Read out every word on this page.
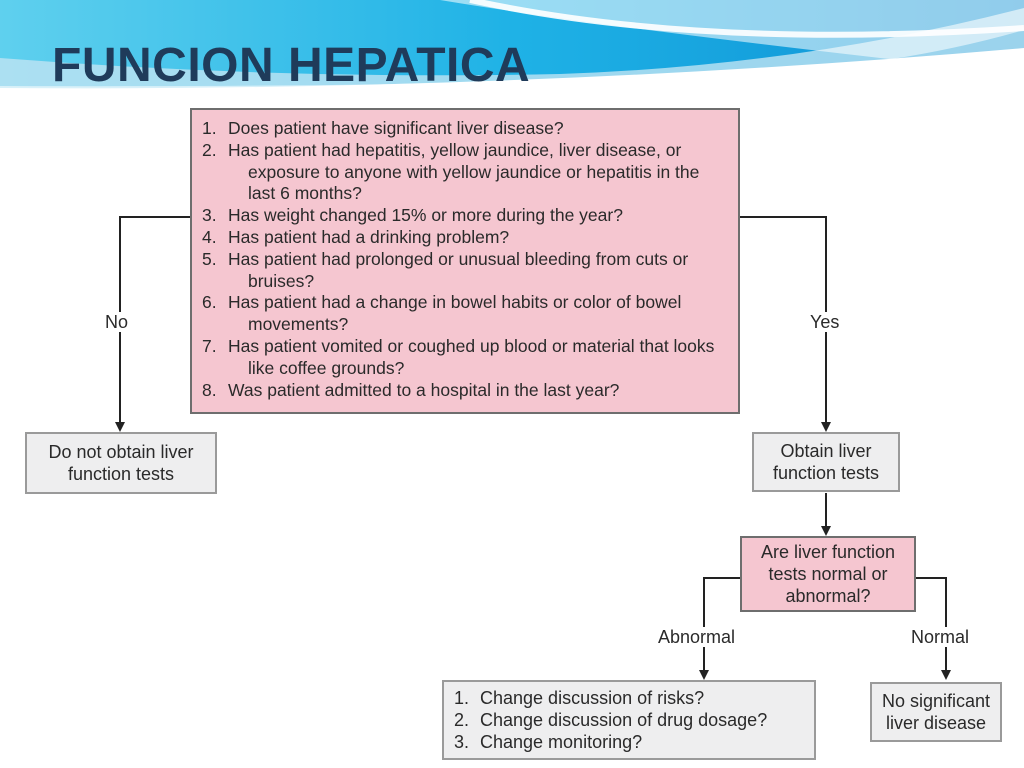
FUNCION HEPATICA
1. Does patient have significant liver disease?
2. Has patient had hepatitis, yellow jaundice, liver disease, or exposure to anyone with yellow jaundice or hepatitis in the last 6 months?
3. Has weight changed 15% or more during the year?
4. Has patient had a drinking problem?
5. Has patient had prolonged or unusual bleeding from cuts or bruises?
6. Has patient had a change in bowel habits or color of bowel movements?
7. Has patient vomited or coughed up blood or material that looks like coffee grounds?
8. Was patient admitted to a hospital in the last year?
No	Yes
Abnormal	Normal
Do not obtain liver function tests
Obtain liver function tests
Are liver function tests normal or abnormal?
1. Change discussion of risks?
2. Change discussion of drug dosage?
3. Change monitoring?
No significant liver disease
